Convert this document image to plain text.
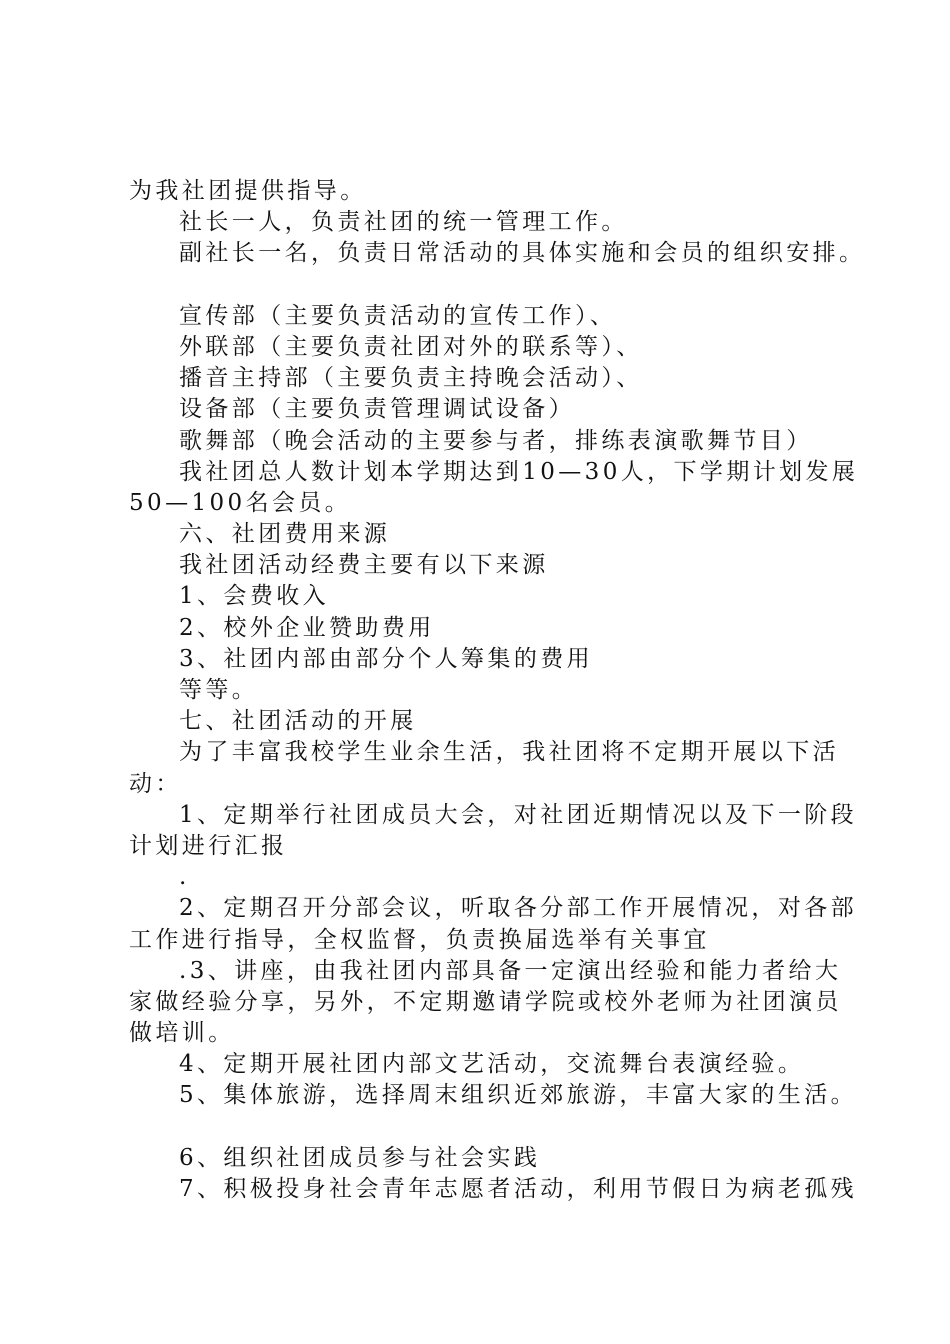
为我社团提供指导。
社长一人，负责社团的统一管理工作。
副社长一名，负责日常活动的具体实施和会员的组织安排。
宣传部（主要负责活动的宣传工作）、
外联部（主要负责社团对外的联系等）、
播音主持部（主要负责主持晚会活动）、
设备部（主要负责管理调试设备）
歌舞部（晚会活动的主要参与者，排练表演歌舞节目）
我社团总人数计划本学期达到10—30人，下学期计划发展
50—100名会员。
六、社团费用来源
我社团活动经费主要有以下来源
1、会费收入
2、校外企业赞助费用
3、社团内部由部分个人筹集的费用
等等。
七、社团活动的开展
为了丰富我校学生业余生活，我社团将不定期开展以下活
动：
1、定期举行社团成员大会，对社团近期情况以及下一阶段
计划进行汇报
.
2、定期召开分部会议，听取各分部工作开展情况，对各部
工作进行指导，全权监督，负责换届选举有关事宜
.3、讲座，由我社团内部具备一定演出经验和能力者给大
家做经验分享，另外，不定期邀请学院或校外老师为社团演员
做培训。
4、定期开展社团内部文艺活动，交流舞台表演经验。
5、集体旅游，选择周末组织近郊旅游，丰富大家的生活。
6、组织社团成员参与社会实践
7、积极投身社会青年志愿者活动，利用节假日为病老孤残
